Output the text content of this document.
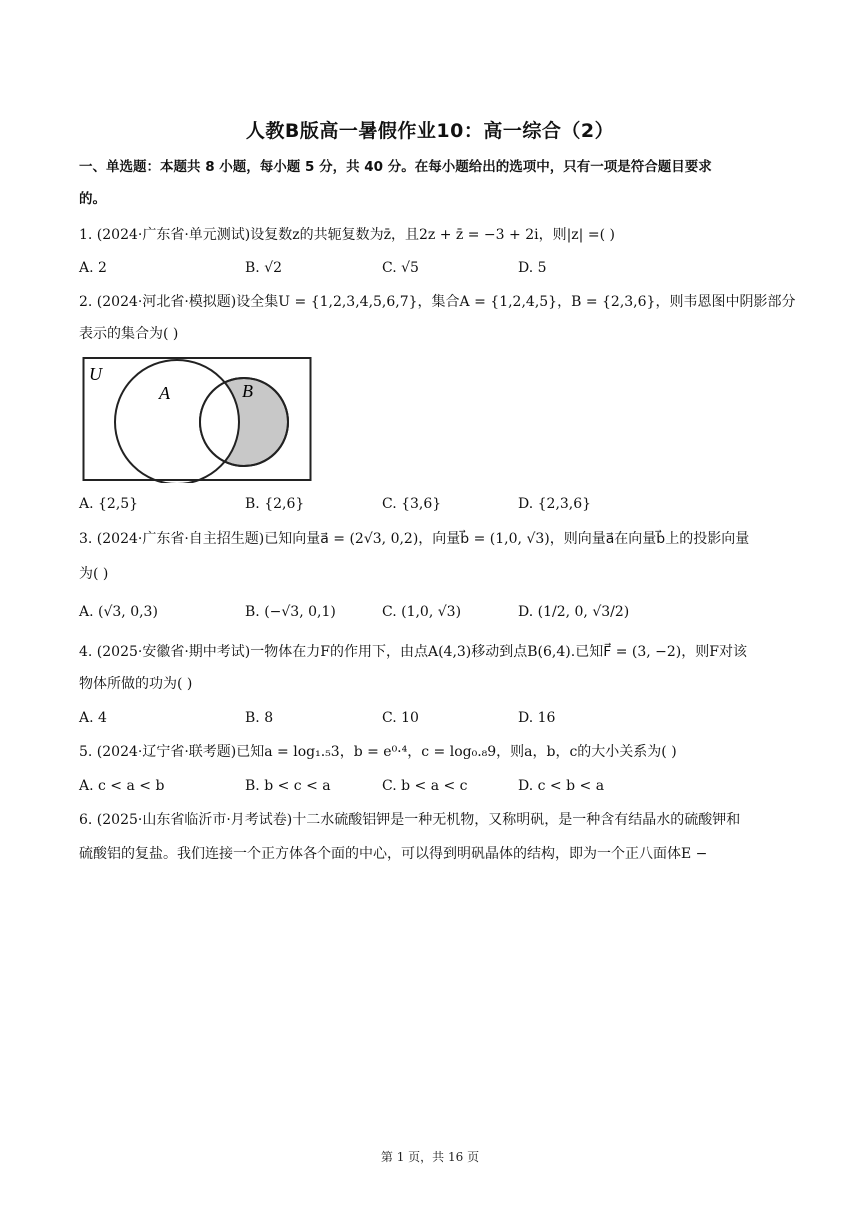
人教B版高一暑假作业10：高一综合（2）
一、单选题：本题共 8 小题，每小题 5 分，共 40 分。在每小题给出的选项中，只有一项是符合题目要求
的。
1. (2024·广东省·单元测试)设复数z的共轭复数为z̄，且2z + z̄ = −3 + 2i，则|z| =( )
A. 2	B. √2	C. √5	D. 5
2. (2024·河北省·模拟题)设全集U = {1,2,3,4,5,6,7}，集合A = {1,2,4,5}，B = {2,3,6}，则韦恩图中阴影部分
表示的集合为( )
U
A	B
A. {2,5}	B. {2,6}	C. {3,6}	D. {2,3,6}
3. (2024·广东省·自主招生题)已知向量a⃗ = (2√3, 0,2)，向量b⃗ = (1,0, √3)，则向量a⃗在向量b⃗上的投影向量
为( )
A. (√3, 0,3)	B. (−√3, 0,1)	C. (1,0, √3)	D. (1/2, 0, √3/2)
4. (2025·安徽省·期中考试)一物体在力F的作用下，由点A(4,3)移动到点B(6,4).已知F⃗ = (3, −2)，则F对该
物体所做的功为( )
A. 4	B. 8	C. 10	D. 16
5. (2024·辽宁省·联考题)已知a = log₁.₅3，b = e⁰·⁴，c = log₀.₈9，则a，b，c的大小关系为( )
A. c < a < b	B. b < c < a	C. b < a < c	D. c < b < a
6. (2025·山东省临沂市·月考试卷)十二水硫酸铝钾是一种无机物，又称明矾，是一种含有结晶水的硫酸钾和
硫酸铝的复盐。我们连接一个正方体各个面的中心，可以得到明矾晶体的结构，即为一个正八面体E −
第 1 页，共 16 页
